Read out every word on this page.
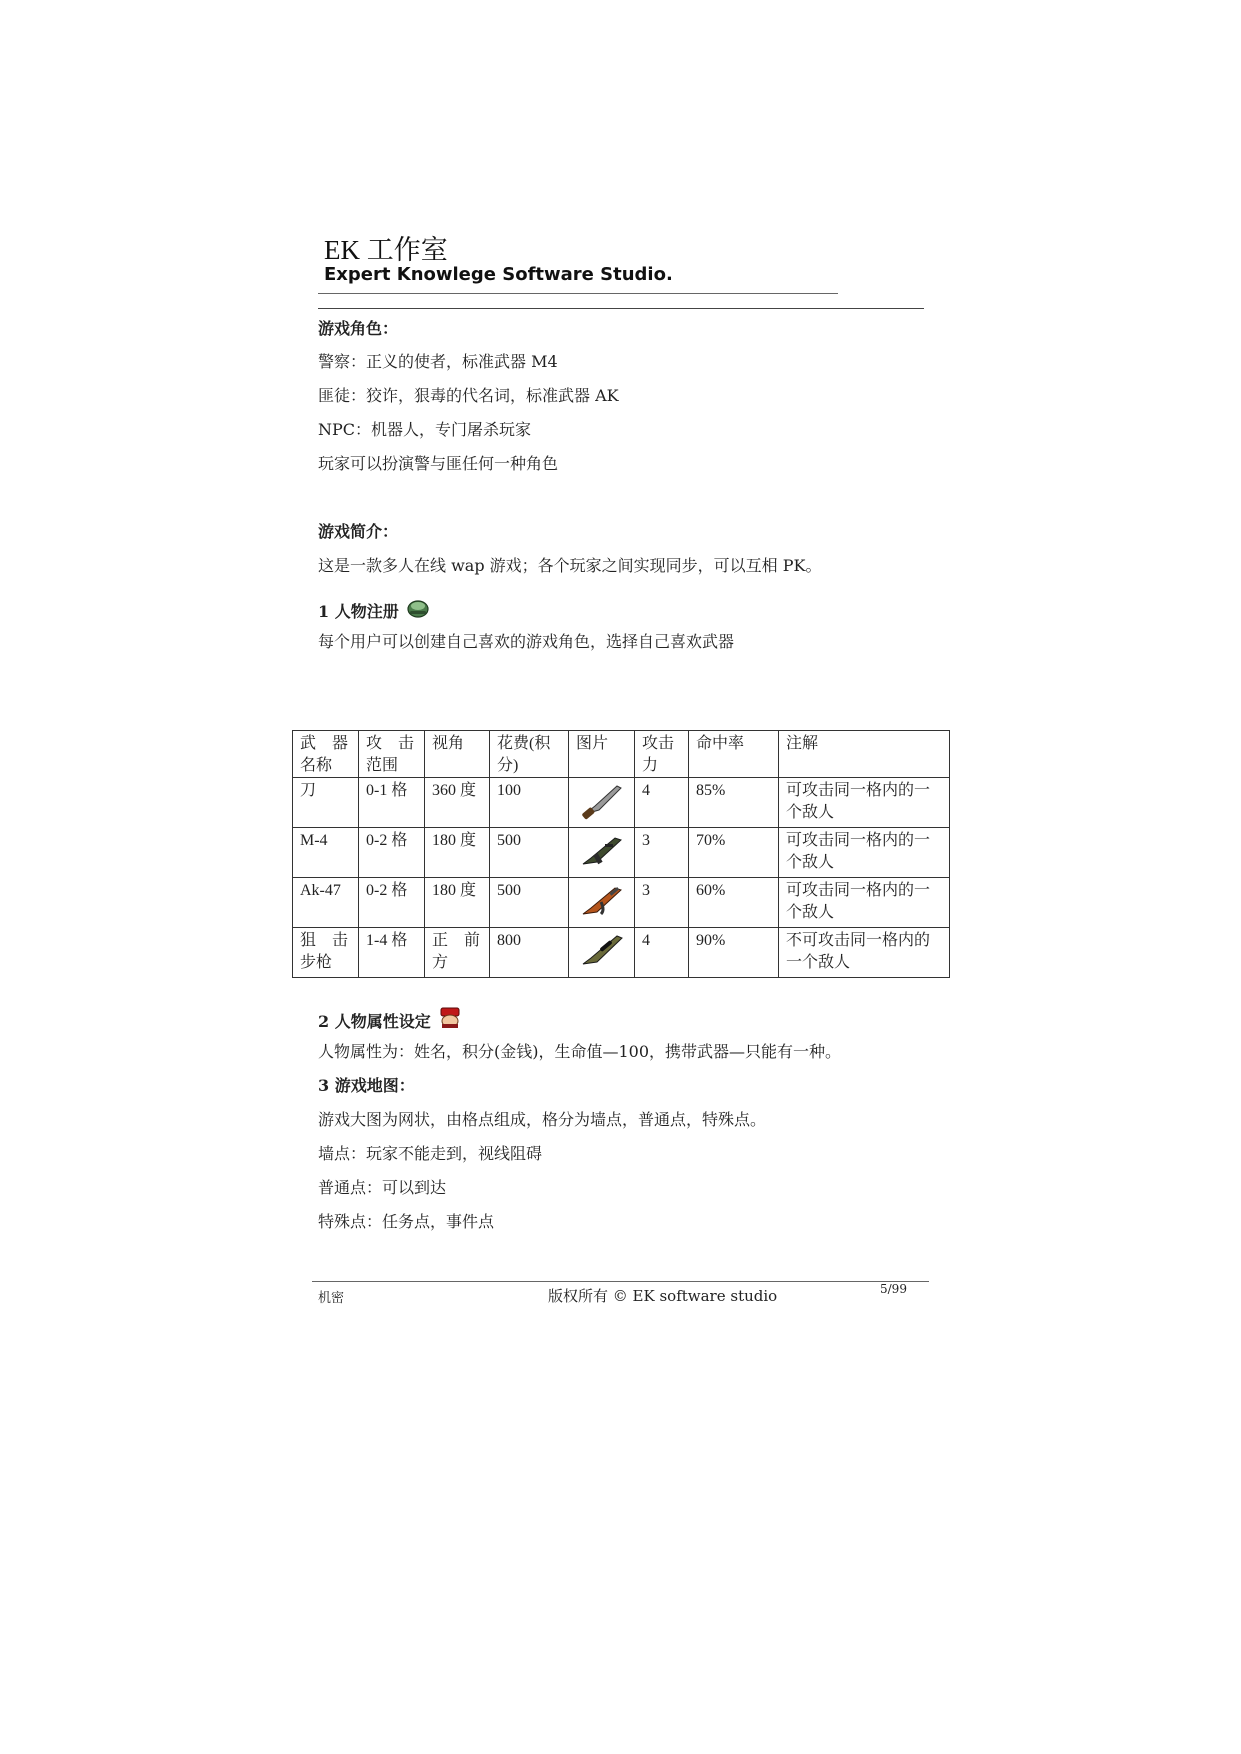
EK 工作室
Expert Knowlege Software Studio.
游戏角色：
警察：正义的使者，标准武器 M4
匪徒：狡诈，狠毒的代名词，标准武器 AK
NPC：机器人，专门屠杀玩家
玩家可以扮演警与匪任何一种角色
游戏简介：
这是一款多人在线 wap 游戏；各个玩家之间实现同步，可以互相 PK。
1 人物注册
每个用户可以创建自己喜欢的游戏角色，选择自己喜欢武器
武　器名称	攻　击范围	视角	花费(积分)	图片	攻击力	命中率	注解
刀	0-1 格	360 度	100		4	85%	可攻击同一格内的一个敌人
M-4	0-2 格	180 度	500		3	70%	可攻击同一格内的一个敌人
Ak-47	0-2 格	180 度	500		3	60%	可攻击同一格内的一个敌人
狙　击步枪	1-4 格	正　前方	800		4	90%	不可攻击同一格内的一个敌人
2 人物属性设定
人物属性为：姓名，积分(金钱)，生命值—100，携带武器—只能有一种。
3 游戏地图：
游戏大图为网状，由格点组成，格分为墙点，普通点，特殊点。
墙点：玩家不能走到，视线阻碍
普通点：可以到达
特殊点：任务点，事件点
机密	版权所有 © EK software studio	5/99
